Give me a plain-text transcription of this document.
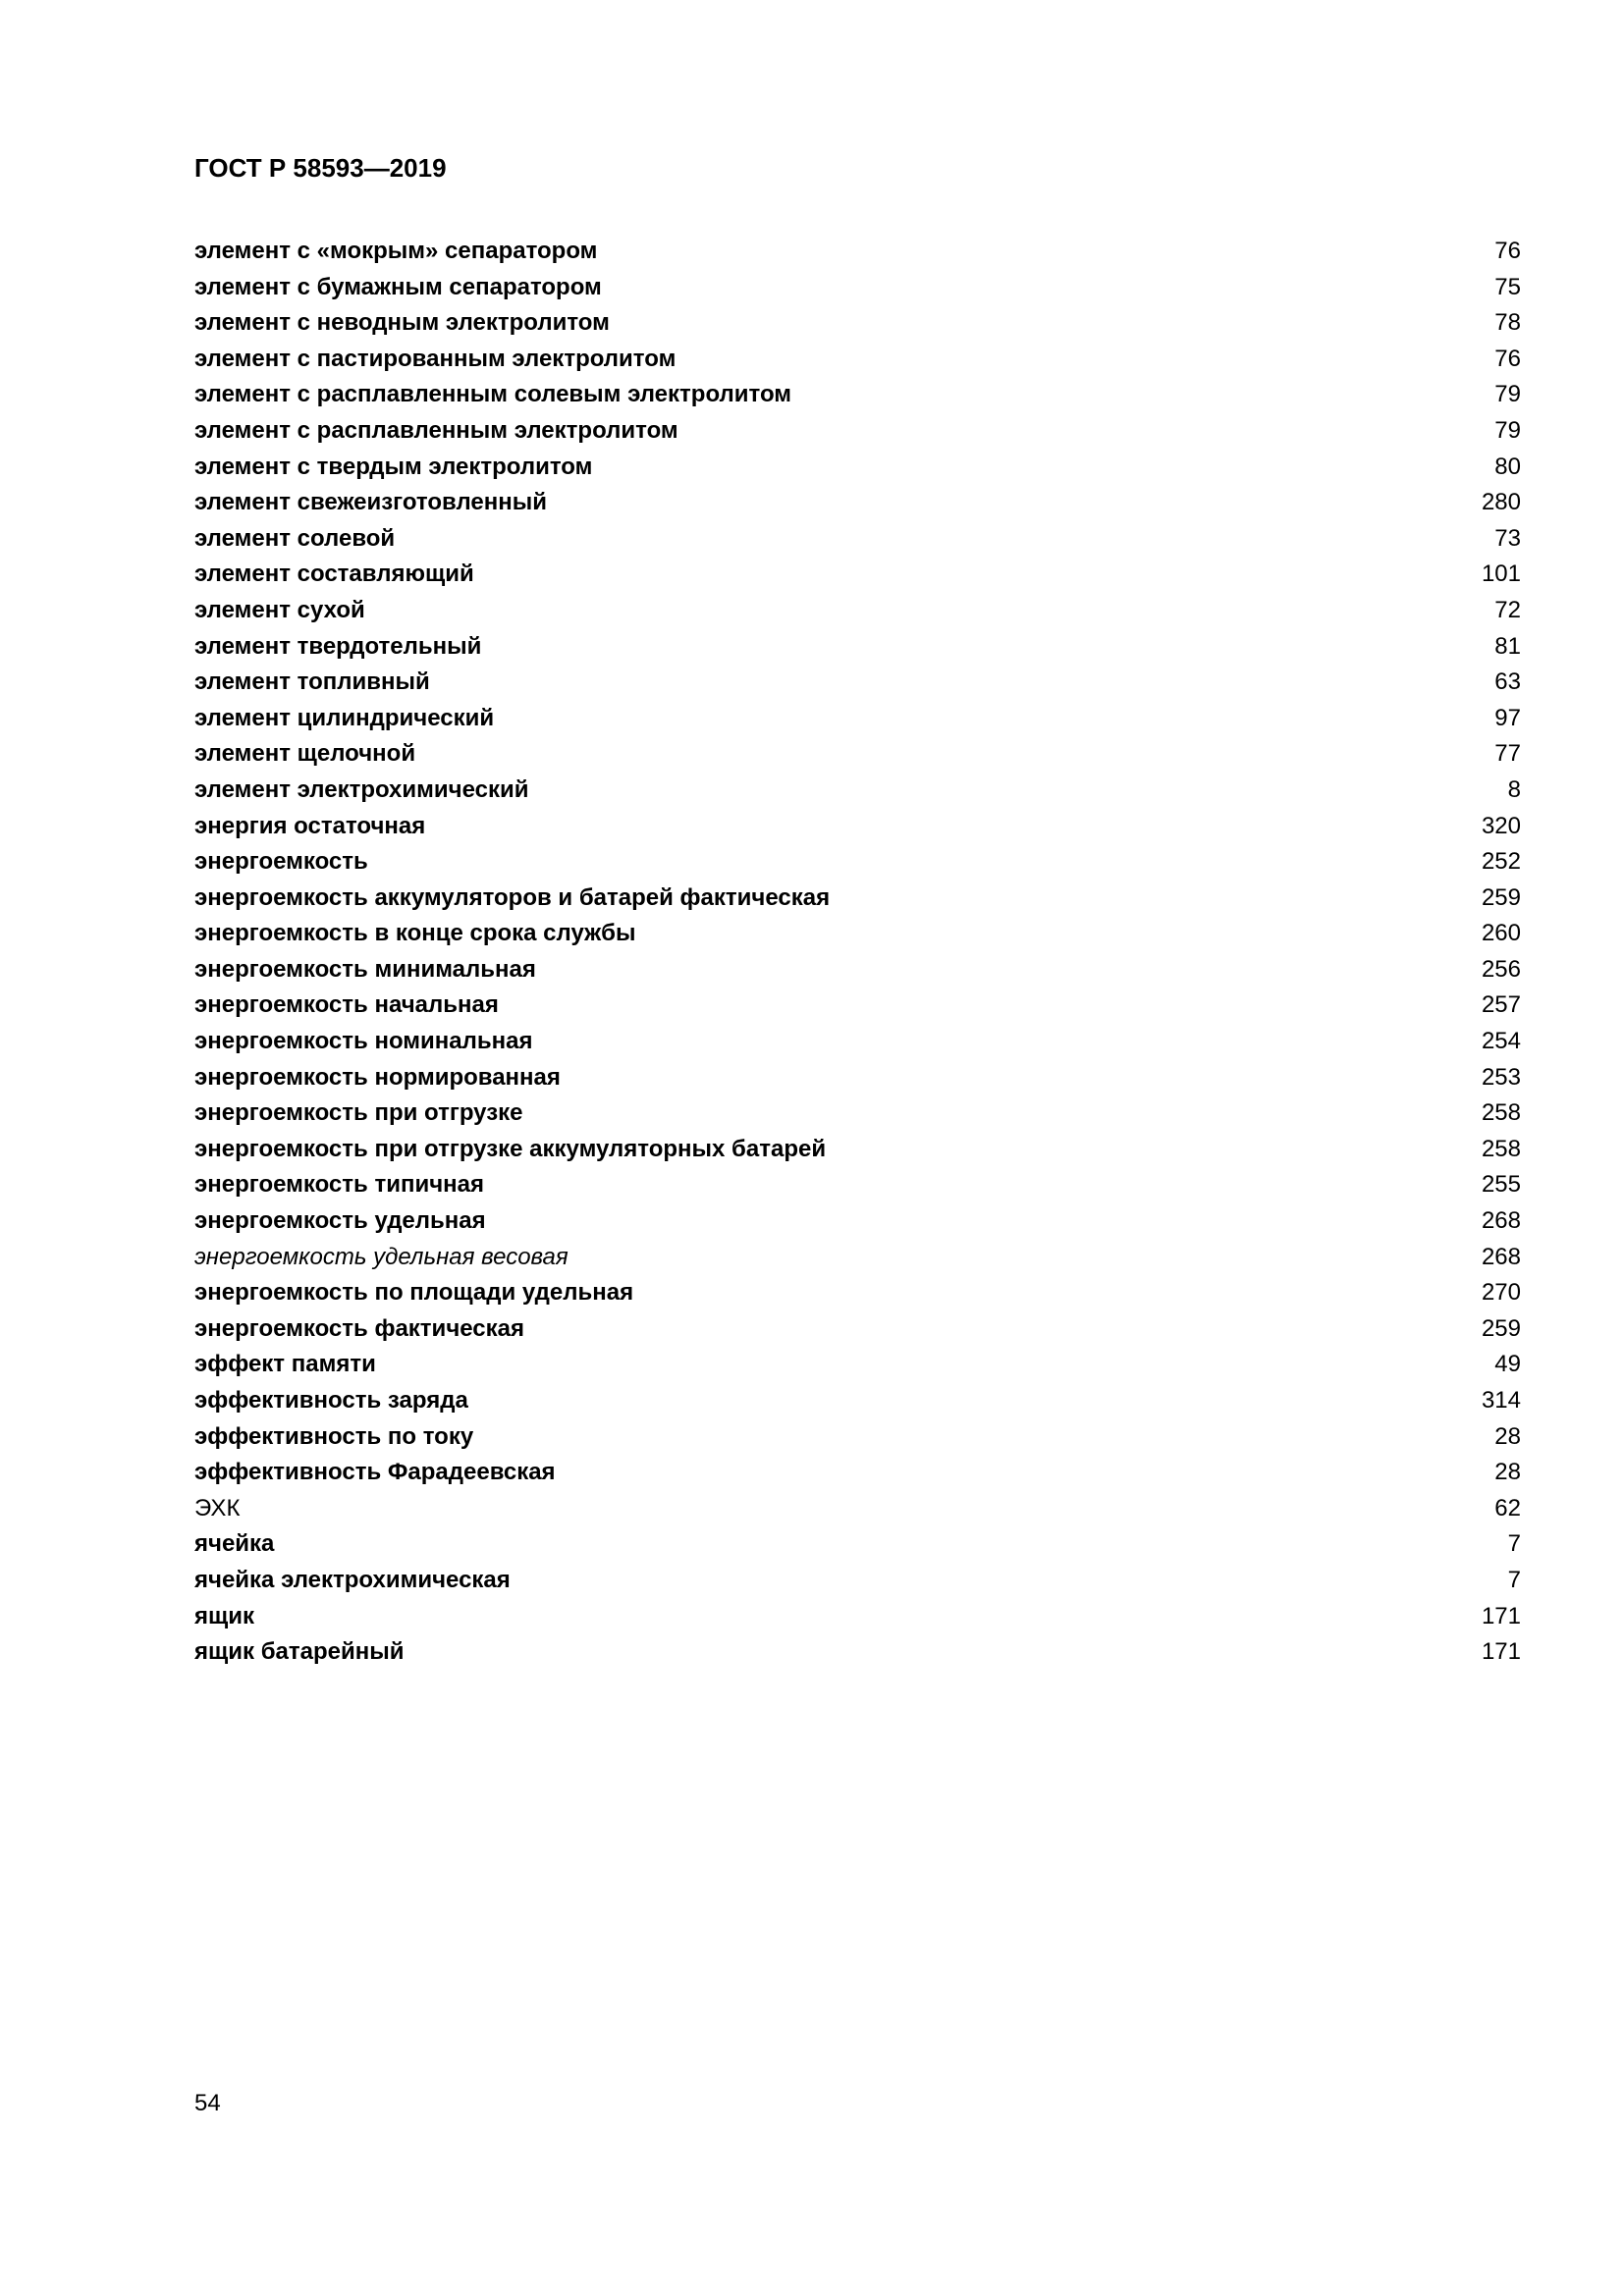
ГОСТ Р 58593—2019
элемент с «мокрым» сепаратором	76
элемент с бумажным сепаратором	75
элемент с неводным электролитом	78
элемент с пастированным электролитом	76
элемент с расплавленным солевым электролитом	79
элемент с расплавленным электролитом	79
элемент с твердым электролитом	80
элемент свежеизготовленный	280
элемент солевой	73
элемент составляющий	101
элемент сухой	72
элемент твердотельный	81
элемент топливный	63
элемент цилиндрический	97
элемент щелочной	77
элемент электрохимический	8
энергия остаточная	320
энергоемкость	252
энергоемкость аккумуляторов и батарей фактическая	259
энергоемкость в конце срока службы	260
энергоемкость минимальная	256
энергоемкость начальная	257
энергоемкость номинальная	254
энергоемкость нормированная	253
энергоемкость при отгрузке	258
энергоемкость при отгрузке аккумуляторных батарей	258
энергоемкость типичная	255
энергоемкость удельная	268
энергоемкость удельная весовая	268
энергоемкость по площади удельная	270
энергоемкость фактическая	259
эффект памяти	49
эффективность заряда	314
эффективность по току	28
эффективность Фарадеевская	28
ЭХК	62
ячейка	7
ячейка электрохимическая	7
ящик	171
ящик батарейный	171
54
